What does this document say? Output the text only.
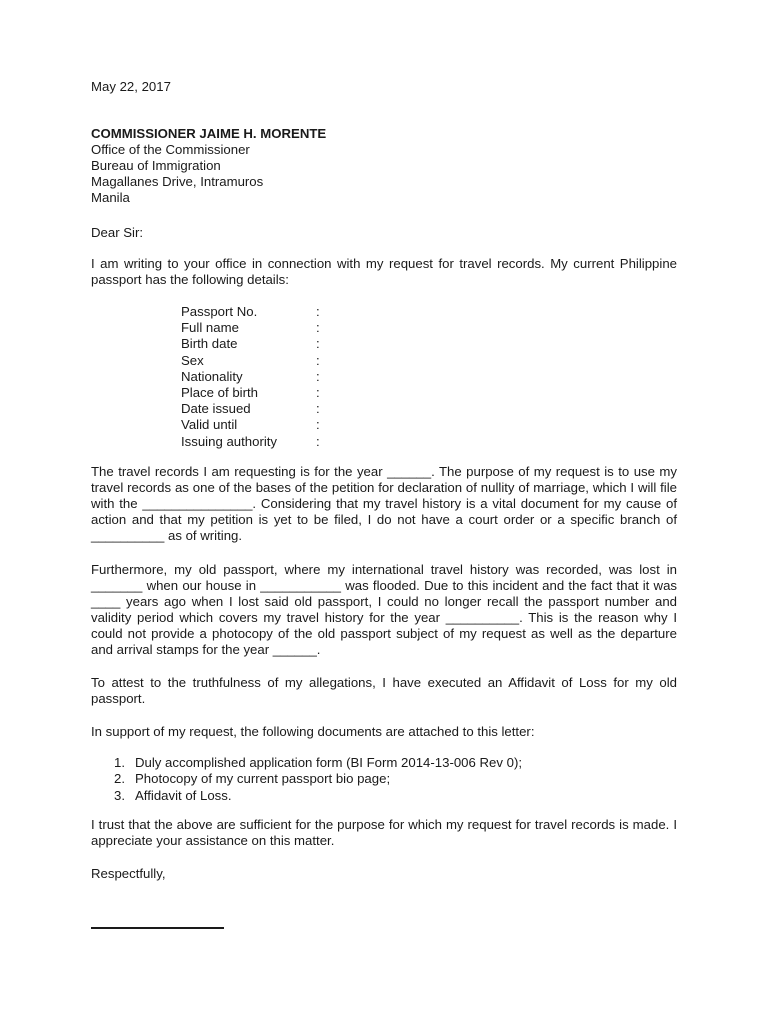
May 22, 2017

COMMISSIONER JAIME H. MORENTE
Office of the Commissioner
Bureau of Immigration
Magallanes Drive, Intramuros
Manila

Dear Sir:

I am writing to your office in connection with my request for travel records. My current Philippine passport has the following details:

Passport No.	:
Full name	:
Birth date	:
Sex	:
Nationality	:
Place of birth	:
Date issued	:
Valid until	:
Issuing authority	:

The travel records I am requesting is for the year ______. The purpose of my request is to use my travel records as one of the bases of the petition for declaration of nullity of marriage, which I will file with the _______________. Considering that my travel history is a vital document for my cause of action and that my petition is yet to be filed, I do not have a court order or a specific branch of __________ as of writing.

Furthermore, my old passport, where my international travel history was recorded, was lost in _______ when our house in ___________ was flooded. Due to this incident and the fact that it was ____ years ago when I lost said old passport, I could no longer recall the passport number and validity period which covers my travel history for the year __________. This is the reason why I could not provide a photocopy of the old passport subject of my request as well as the departure and arrival stamps for the year ______.

To attest to the truthfulness of my allegations, I have executed an Affidavit of Loss for my old passport.

In support of my request, the following documents are attached to this letter:

1. Duly accomplished application form (BI Form 2014-13-006 Rev 0);
2. Photocopy of my current passport bio page;
3. Affidavit of Loss.

I trust that the above are sufficient for the purpose for which my request for travel records is made. I appreciate your assistance on this matter.

Respectfully,
